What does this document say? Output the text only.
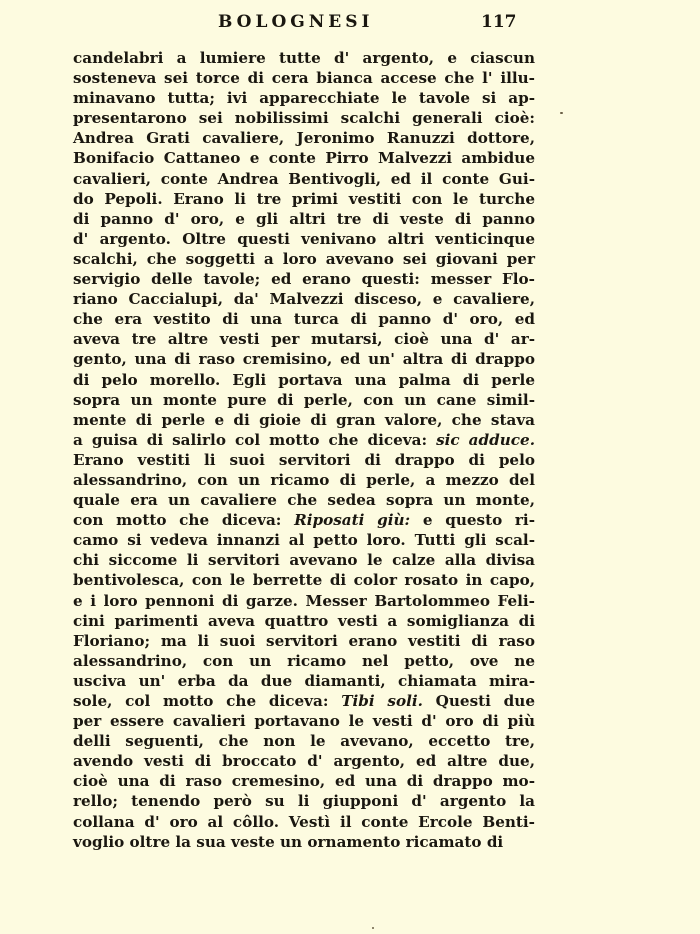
BOLOGNESI	117
candelabri a lumiere tutte d' argento, e ciascun
sosteneva sei torce di cera bianca accese che l' illu-
minavano tutta; ivi apparecchiate le tavole si ap-
presentarono sei nobilissimi scalchi generali cioè:
Andrea Grati cavaliere, Jeronimo Ranuzzi dottore,
Bonifacio Cattaneo e conte Pirro Malvezzi ambidue
cavalieri, conte Andrea Bentivogli, ed il conte Gui-
do Pepoli. Erano li tre primi vestiti con le turche
di panno d' oro, e gli altri tre di veste di panno
d' argento. Oltre questi venivano altri venticinque
scalchi, che soggetti a loro avevano sei giovani per
servigio delle tavole; ed erano questi: messer Flo-
riano Caccialupi, da' Malvezzi disceso, e cavaliere,
che era vestito di una turca di panno d' oro, ed
aveva tre altre vesti per mutarsi, cioè una d' ar-
gento, una di raso cremisino, ed un' altra di drappo
di pelo morello. Egli portava una palma di perle
sopra un monte pure di perle, con un cane simil-
mente di perle e di gioie di gran valore, che stava
a guisa di salirlo col motto che diceva: sic adduce.
Erano vestiti li suoi servitori di drappo di pelo
alessandrino, con un ricamo di perle, a mezzo del
quale era un cavaliere che sedea sopra un monte,
con motto che diceva: Riposati giù: e questo ri-
camo si vedeva innanzi al petto loro. Tutti gli scal-
chi siccome li servitori avevano le calze alla divisa
bentivolesca, con le berrette di color rosato in capo,
e i loro pennoni di garze. Messer Bartolommeo Feli-
cini parimenti aveva quattro vesti a somiglianza di
Floriano; ma li suoi servitori erano vestiti di raso
alessandrino, con un ricamo nel petto, ove ne
usciva un' erba da due diamanti, chiamata mira-
sole, col motto che diceva: Tibi soli. Questi due
per essere cavalieri portavano le vesti d' oro di più
delli seguenti, che non le avevano, eccetto tre,
avendo vesti di broccato d' argento, ed altre due,
cioè una di raso cremesino, ed una di drappo mo-
rello; tenendo però su li giupponi d' argento la
collana d' oro al côllo. Vestì il conte Ercole Benti-
voglio oltre la sua veste un ornamento ricamato di
